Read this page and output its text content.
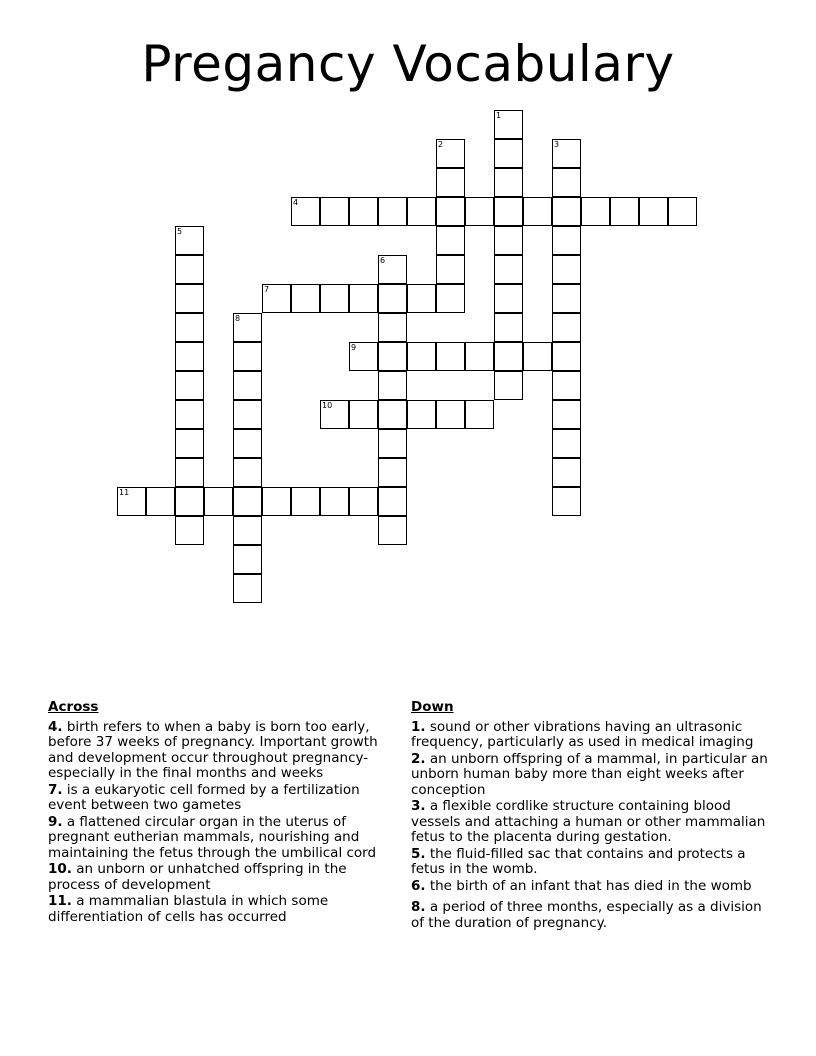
Pregancy Vocabulary
1
2	3
4
5
6
7
8
9
10
11
Across
4. birth refers to when a baby is born too early, before 37 weeks of pregnancy. Important growth and development occur throughout pregnancy-especially in the final months and weeks
7. is a eukaryotic cell formed by a fertilization event between two gametes
9. a flattened circular organ in the uterus of pregnant eutherian mammals, nourishing and maintaining the fetus through the umbilical cord
10. an unborn or unhatched offspring in the process of development
11. a mammalian blastula in which some differentiation of cells has occurred
Down
1. sound or other vibrations having an ultrasonic frequency, particularly as used in medical imaging
2. an unborn offspring of a mammal, in particular an unborn human baby more than eight weeks after conception
3. a flexible cordlike structure containing blood vessels and attaching a human or other mammalian fetus to the placenta during gestation.
5. the fluid-filled sac that contains and protects a fetus in the womb.
6. the birth of an infant that has died in the womb
8. a period of three months, especially as a division of the duration of pregnancy.
